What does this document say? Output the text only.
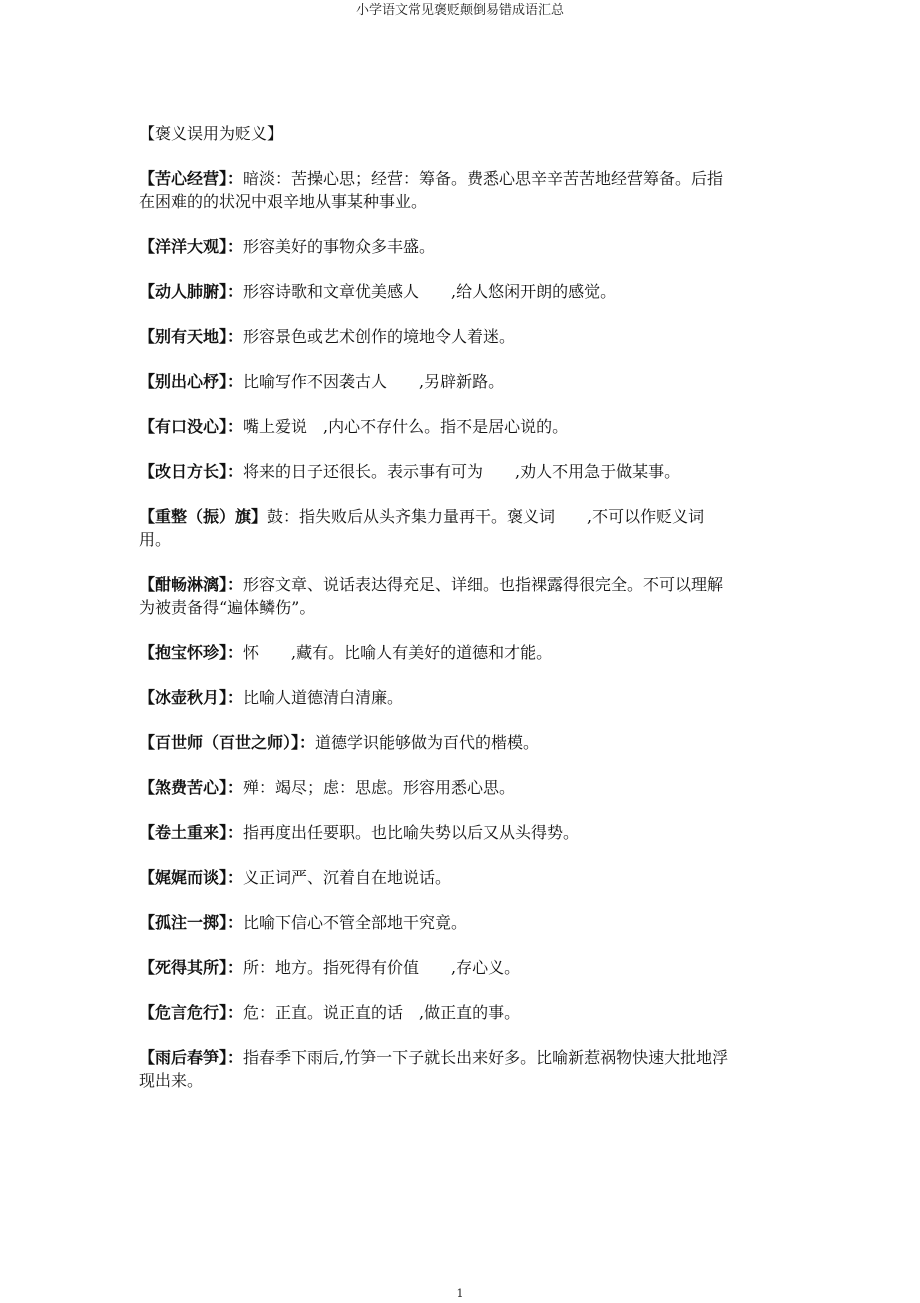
小学语文常见褒贬颠倒易错成语汇总
【褒义误用为贬义】
【苦心经营】：暗淡：苦操心思；经营：筹备。费悉心思辛辛苦苦地经营筹备。后指在困难的的状况中艰辛地从事某种事业。
【洋洋大观】：形容美好的事物众多丰盛。
【动人肺腑】：形容诗歌和文章优美感人　　,给人悠闲开朗的感觉。
【别有天地】：形容景色或艺术创作的境地令人着迷。
【别出心杼】：比喻写作不因袭古人　　,另辟新路。
【有口没心】：嘴上爱说　,内心不存什么。指不是居心说的。
【改日方长】：将来的日子还很长。表示事有可为　　,劝人不用急于做某事。
【重整（振）旗】鼓：指失败后从头齐集力量再干。褒义词　　,不可以作贬义词用。
【酣畅淋漓】：形容文章、说话表达得充足、详细。也指裸露得很完全。不可以理解为被责备得“遍体鳞伤”。
【抱宝怀珍】：怀　　,藏有。比喻人有美好的道德和才能。
【冰壶秋月】：比喻人道德清白清廉。
【百世师（百世之师）】：道德学识能够做为百代的楷模。
【煞费苦心】：殚：竭尽；虑：思虑。形容用悉心思。
【卷土重来】：指再度出任要职。也比喻失势以后又从头得势。
【娓娓而谈】：义正词严、沉着自在地说话。
【孤注一掷】：比喻下信心不管全部地干究竟。
【死得其所】：所：地方。指死得有价值　　,存心义。
【危言危行】：危：正直。说正直的话　,做正直的事。
【雨后春笋】：指春季下雨后,竹笋一下子就长出来好多。比喻新惹祸物快速大批地浮现出来。
1
